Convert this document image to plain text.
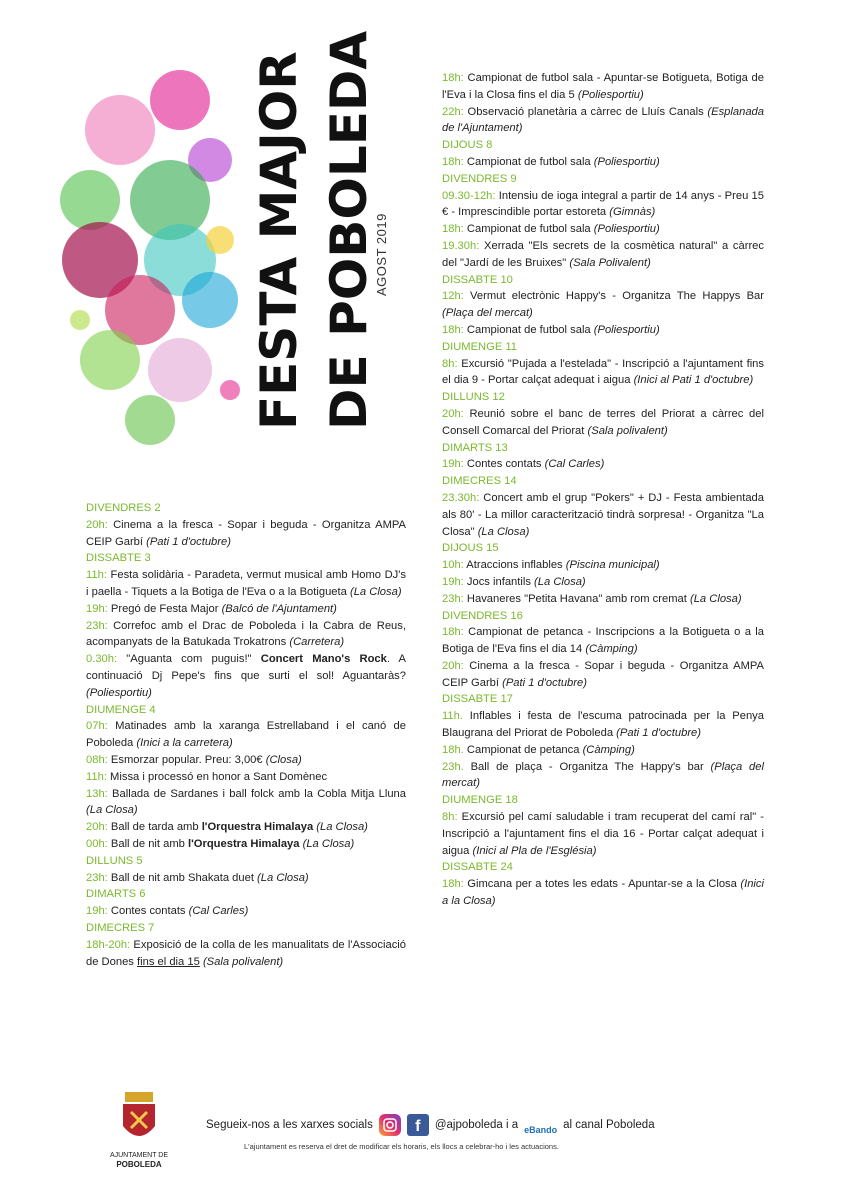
FESTA MAJOR DE POBOLEDA
AGOST 2019
DIVENDRES 2
20h: Cinema a la fresca - Sopar i beguda - Organitza AMPA CEIP Garbí (Pati 1 d'octubre)
DISSABTE 3
11h: Festa solidària - Paradeta, vermut musical amb Homo DJ's i paella - Tiquets a la Botiga de l'Eva o a la Botigueta (La Closa)
19h: Pregó de Festa Major (Balcó de l'Ajuntament)
23h: Correfoc amb el Drac de Poboleda i la Cabra de Reus, acompanyats de la Batukada Trokatrons (Carretera)
0.30h: "Aguanta com puguis!" Concert Mano's Rock. A continuació Dj Pepe's fins que surti el sol! Aguantaràs? (Poliesportiu)
DIUMENGE 4
07h: Matinades amb la xaranga Estrellaband i el canó de Poboleda (Inici a la carretera)
08h: Esmorzar popular. Preu: 3,00€ (Closa)
11h: Missa i processó en honor a Sant Domènec
13h: Ballada de Sardanes i ball folck amb la Cobla Mitja Lluna (La Closa)
20h: Ball de tarda amb l'Orquestra Himalaya (La Closa)
00h: Ball de nit amb l'Orquestra Himalaya (La Closa)
DILLUNS 5
23h: Ball de nit amb Shakata duet (La Closa)
DIMARTS 6
19h: Contes contats (Cal Carles)
DIMECRES 7
18h-20h: Exposició de la colla de les manualitats de l'Associació de Dones fins el dia 15 (Sala polivalent)
18h: Campionat de futbol sala - Apuntar-se Botigueta, Botiga de l'Eva i la Closa fins el dia 5 (Poliesportiu)
22h: Observació planetària a càrrec de Lluís Canals (Esplanada de l'Ajuntament)
DIJOUS 8
18h: Campionat de futbol sala (Poliesportiu)
DIVENDRES 9
09.30-12h: Intensiu de ioga integral a partir de 14 anys - Preu 15 € - Imprescindible portar estoreta (Gimnàs)
18h: Campionat de futbol sala (Poliesportiu)
19.30h: Xerrada "Els secrets de la cosmètica natural" a càrrec del "Jardí de les Bruixes" (Sala Polivalent)
DISSABTE 10
12h: Vermut electrònic Happy's - Organitza The Happys Bar (Plaça del mercat)
18h: Campionat de futbol sala (Poliesportiu)
DIUMENGE 11
8h: Excursió "Pujada a l'estelada" - Inscripció a l'ajuntament fins el dia 9 - Portar calçat adequat i aigua (Inici al Pati 1 d'octubre)
DILLUNS 12
20h: Reunió sobre el banc de terres del Priorat a càrrec del Consell Comarcal del Priorat (Sala polivalent)
DIMARTS 13
19h: Contes contats (Cal Carles)
DIMECRES 14
23.30h: Concert amb el grup "Pokers" + DJ - Festa ambientada als 80' - La millor caracterització tindrà sorpresa! - Organitza "La Closa" (La Closa)
DIJOUS 15
10h: Atraccions inflables (Piscina municipal)
19h: Jocs infantils (La Closa)
23h: Havaneres "Petita Havana" amb rom cremat (La Closa)
DIVENDRES 16
18h: Campionat de petanca - Inscripcions a la Botigueta o a la Botiga de l'Eva fins el dia 14 (Càmping)
20h: Cinema a la fresca - Sopar i beguda - Organitza AMPA CEIP Garbí (Pati 1 d'octubre)
DISSABTE 17
11h. Inflables i festa de l'escuma patrocinada per la Penya Blaugrana del Priorat de Poboleda (Pati 1 d'octubre)
18h. Campionat de petanca (Càmping)
23h. Ball de plaça - Organitza The Happy's bar (Plaça del mercat)
DIUMENGE 18
8h: Excursió pel camí saludable i tram recuperat del camí ral" - Inscripció a l'ajuntament fins el dia 16 - Portar calçat adequat i aigua (Inici al Pla de l'Església)
DISSABTE 24
18h: Gimcana per a totes les edats - Apuntar-se a la Closa (Inici a la Closa)
AJUNTAMENT DE
POBOLEDA
Segueix-nos a les xarxes socials	f	@ajpoboleda i a eBando al canal Poboleda
L'ajuntament es reserva el dret de modificar els horaris, els llocs a celebrar-ho i les actuacions.
